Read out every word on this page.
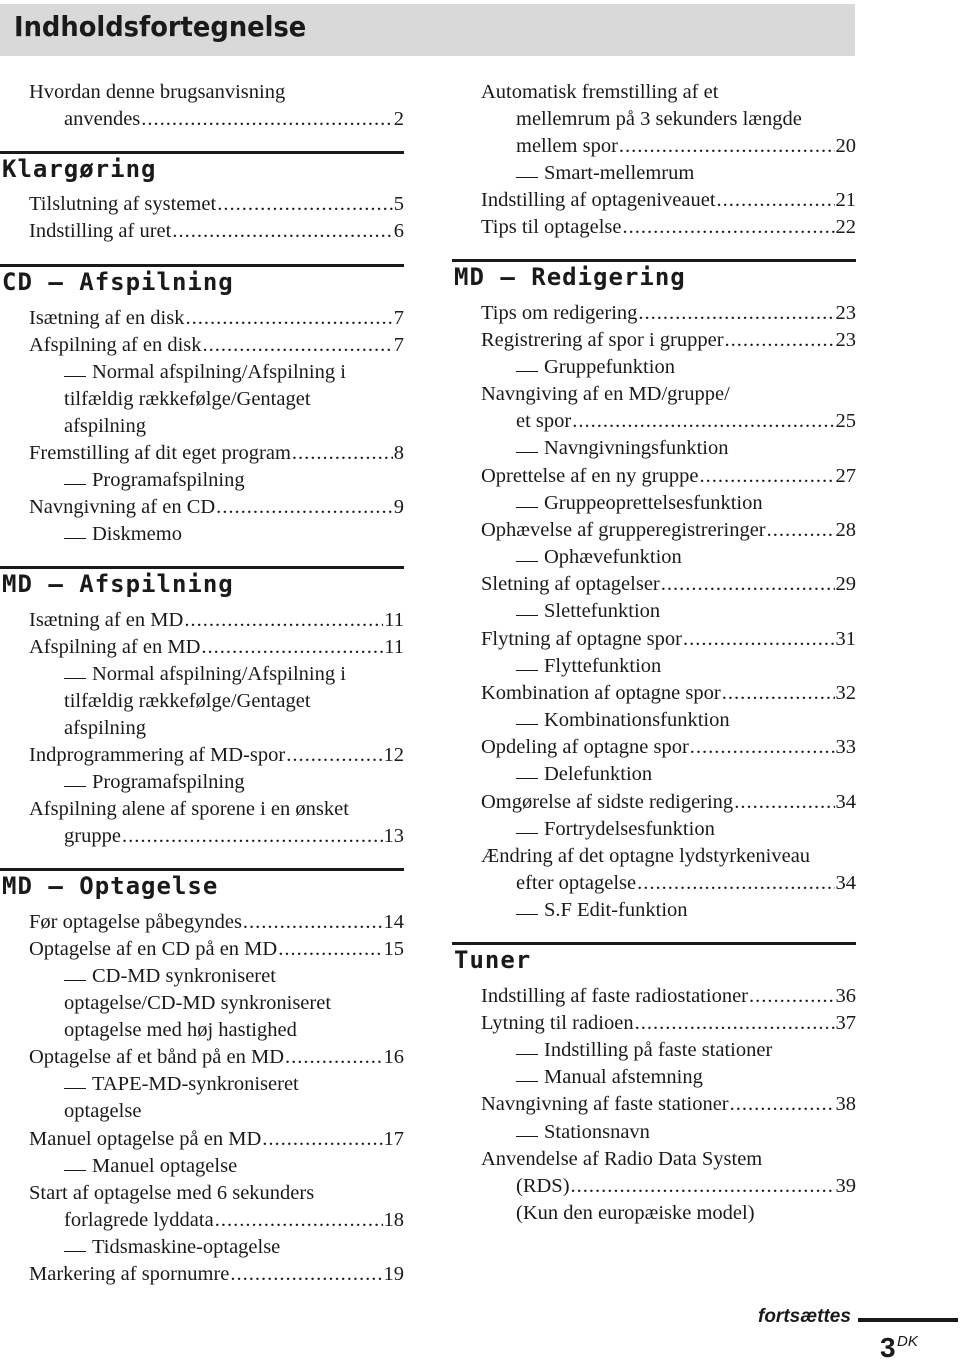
Indholdsfortegnelse
Hvordan denne brugsanvisning
anvendes .....	2
Klargøring
Tilslutning af systemet .....	5
Indstilling af uret .....	6
CD – Afspilning
Isætning af en disk .....	7
Afspilning af en disk .....	7
Normal afspilning/Afspilning i
tilfældig rækkefølge/Gentaget
afspilning
Fremstilling af dit eget program .....	8
Programafspilning
Navngivning af en CD .....	9
Diskmemo
MD – Afspilning
Isætning af en MD .....	11
Afspilning af en MD .....	11
Normal afspilning/Afspilning i
tilfældig rækkefølge/Gentaget
afspilning
Indprogrammering af MD-spor .....	12
Programafspilning
Afspilning alene af sporene i en ønsket
gruppe .....	13
MD – Optagelse
Før optagelse påbegyndes .....	14
Optagelse af en CD på en MD .....	15
CD-MD synkroniseret
optagelse/CD-MD synkroniseret
optagelse med høj hastighed
Optagelse af et bånd på en MD .....	16
TAPE-MD-synkroniseret
optagelse
Manuel optagelse på en MD .....	17
Manuel optagelse
Start af optagelse med 6 sekunders
forlagrede lyddata .....	18
Tidsmaskine-optagelse
Markering af spornumre .....	19
Automatisk fremstilling af et
mellemrum på 3 sekunders længde
mellem spor .....	20
Smart-mellemrum
Indstilling af optageniveauet .....	21
Tips til optagelse .....	22
MD – Redigering
Tips om redigering .....	23
Registrering af spor i grupper .....	23
Gruppefunktion
Navngiving af en MD/gruppe/
et spor .....	25
Navngivningsfunktion
Oprettelse af en ny gruppe .....	27
Gruppeoprettelsesfunktion
Ophævelse af grupperegistreringer .....	28
Ophævefunktion
Sletning af optagelser .....	29
Slettefunktion
Flytning af optagne spor .....	31
Flyttefunktion
Kombination af optagne spor .....	32
Kombinationsfunktion
Opdeling af optagne spor .....	33
Delefunktion
Omgørelse af sidste redigering .....	34
Fortrydelsesfunktion
Ændring af det optagne lydstyrkeniveau
efter optagelse .....	34
S.F Edit-funktion
Tuner
Indstilling af faste radiostationer .....	36
Lytning til radioen .....	37
Indstilling på faste stationer
Manual afstemning
Navngivning af faste stationer .....	38
Stationsnavn
Anvendelse af Radio Data System
(RDS) .....	39
(Kun den europæiske model)
fortsættes
3 DK
